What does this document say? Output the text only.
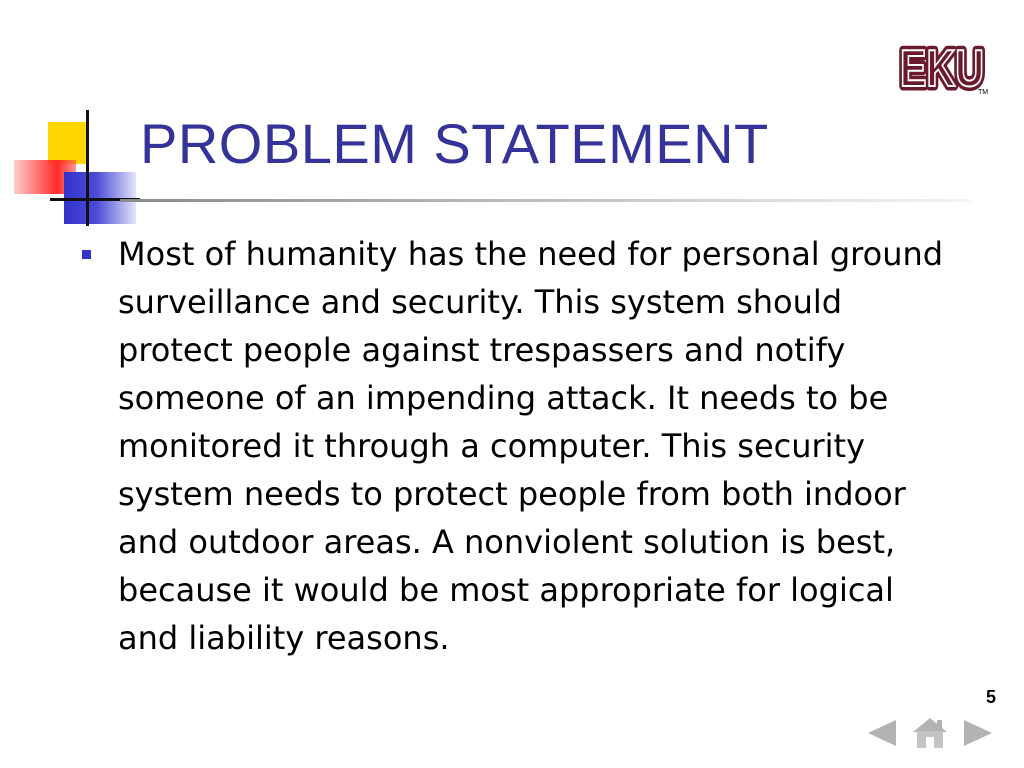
PROBLEM STATEMENT
EKU
EKU
TM

Most of humanity has the need for personal ground surveillance and security. This system should protect people against trespassers and notify someone of an impending attack. It needs to be monitored it through a computer. This security system needs to protect people from both indoor and outdoor areas. A nonviolent solution is best, because it would be most appropriate for logical and liability reasons.

5
